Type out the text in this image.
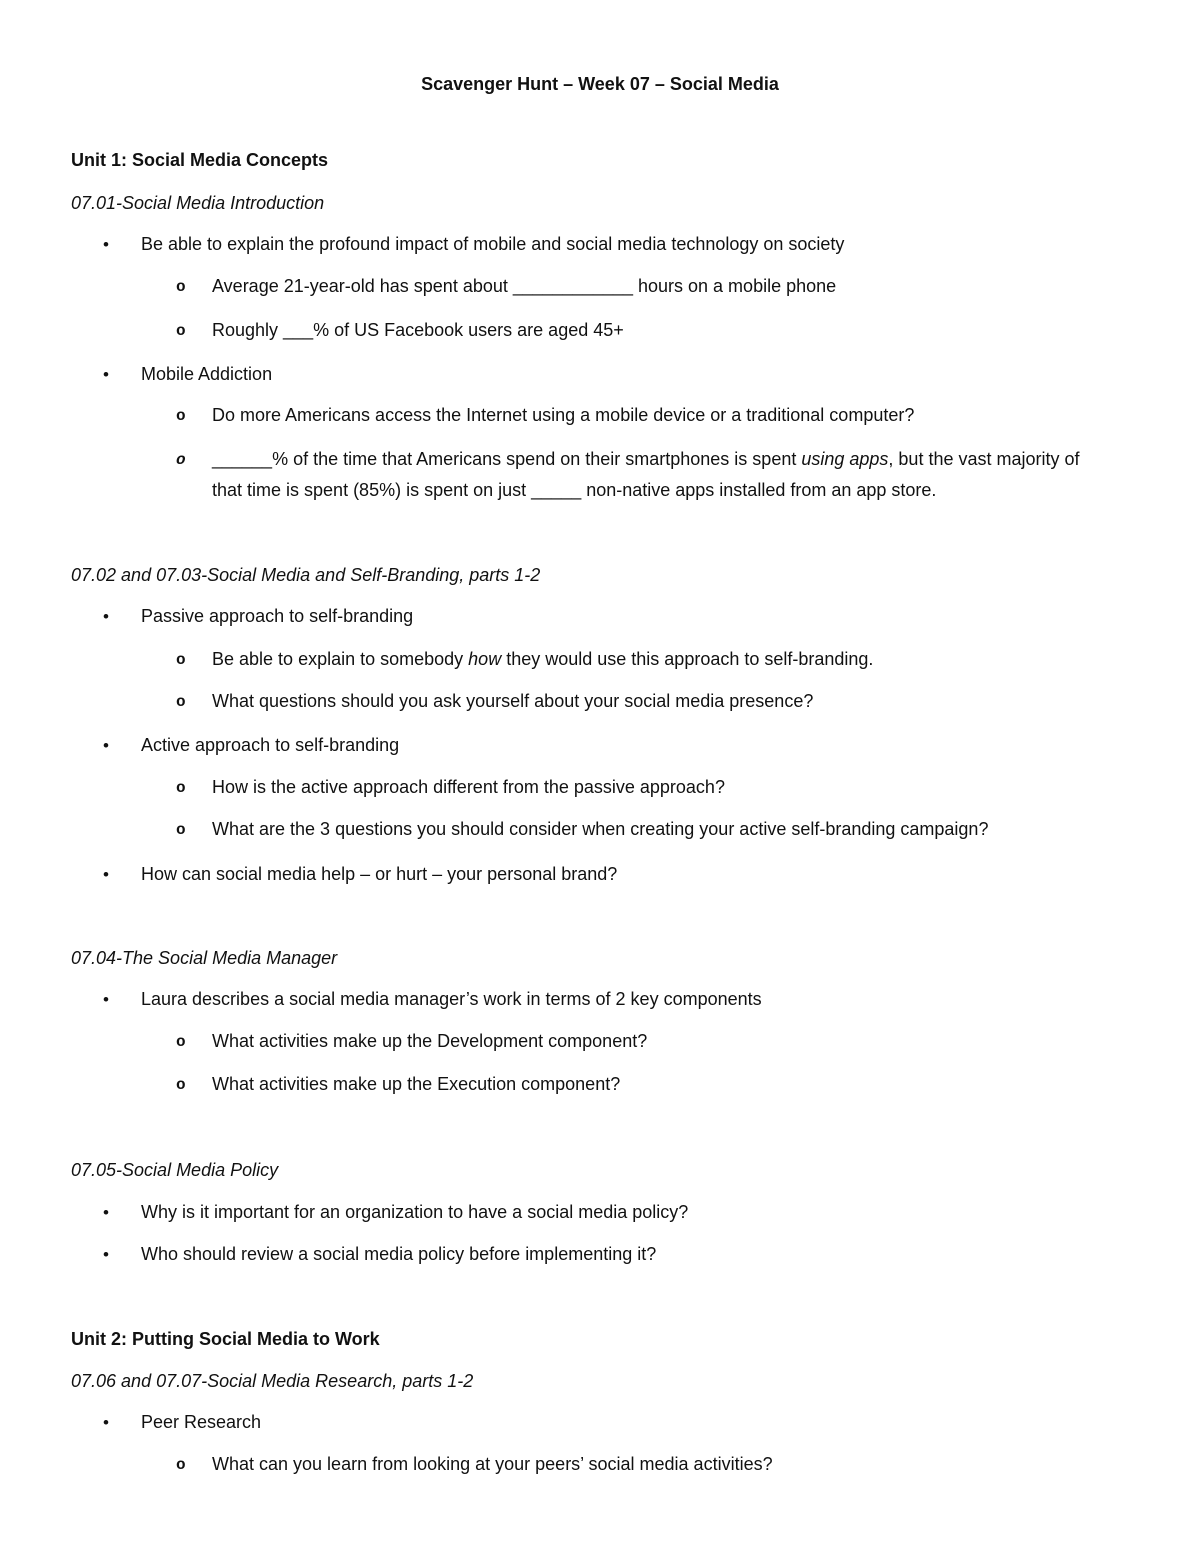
Scavenger Hunt – Week 07 – Social Media
Unit 1: Social Media Concepts
07.01-Social Media Introduction
• Be able to explain the profound impact of mobile and social media technology on society
o Average 21-year-old has spent about ____________ hours on a mobile phone
o Roughly ___% of US Facebook users are aged 45+
• Mobile Addiction
o Do more Americans access the Internet using a mobile device or a traditional computer?
o ______% of the time that Americans spend on their smartphones is spent using apps, but the vast majority of that time is spent (85%) is spent on just _____ non-native apps installed from an app store.
07.02 and 07.03-Social Media and Self-Branding, parts 1-2
• Passive approach to self-branding
o Be able to explain to somebody how they would use this approach to self-branding.
o What questions should you ask yourself about your social media presence?
• Active approach to self-branding
o How is the active approach different from the passive approach?
o What are the 3 questions you should consider when creating your active self-branding campaign?
• How can social media help – or hurt – your personal brand?
07.04-The Social Media Manager
• Laura describes a social media manager’s work in terms of 2 key components
o What activities make up the Development component?
o What activities make up the Execution component?
07.05-Social Media Policy
• Why is it important for an organization to have a social media policy?
• Who should review a social media policy before implementing it?
Unit 2: Putting Social Media to Work
07.06 and 07.07-Social Media Research, parts 1-2
• Peer Research
o What can you learn from looking at your peers’ social media activities?
